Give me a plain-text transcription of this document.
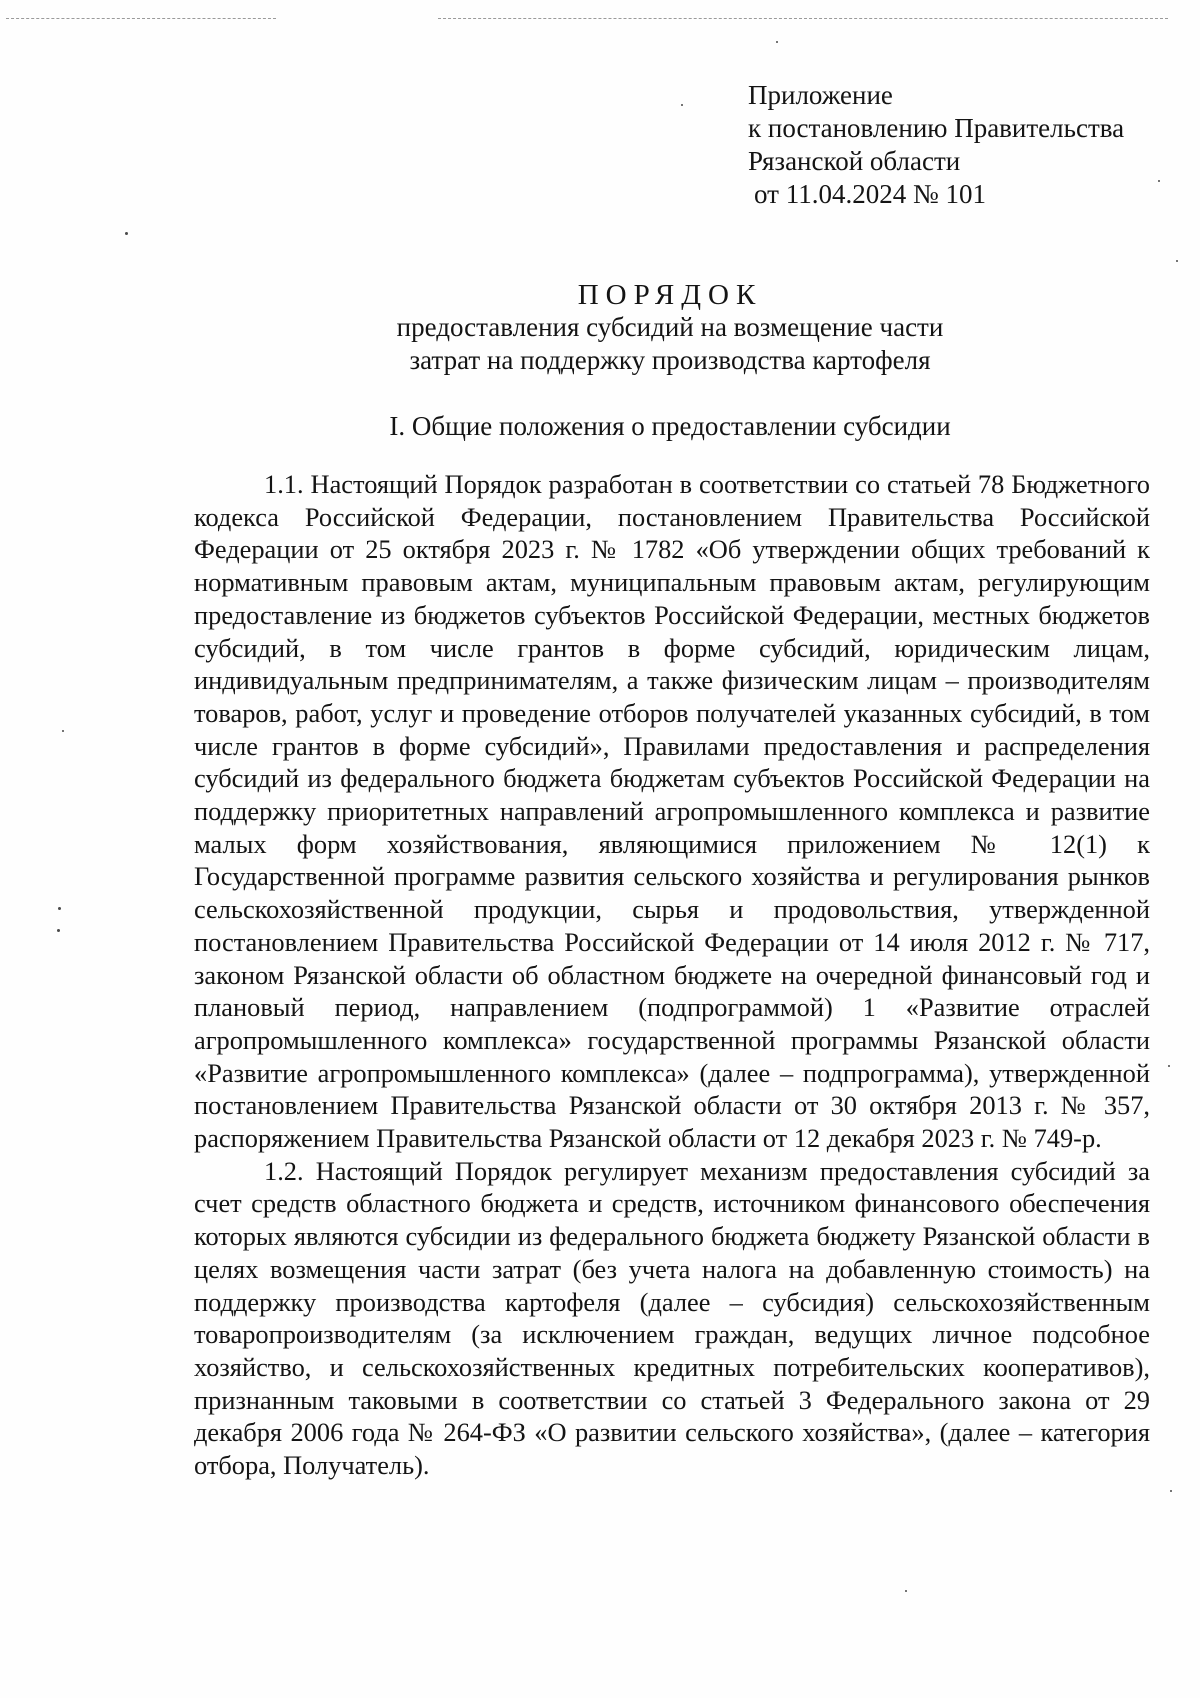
Приложение
к постановлению Правительства
Рязанской области
от 11.04.2024 № 101
ПОРЯДОК
предоставления субсидий на возмещение части
затрат на поддержку производства картофеля
I. Общие положения о предоставлении субсидии

1.1. Настоящий Порядок разработан в соответствии со статьей 78 Бюджетного кодекса Российской Федерации, постановлением Правительства Российской Федерации от 25 октября 2023 г. № 1782 «Об утверждении общих требований к нормативным правовым актам, муниципальным правовым актам, регулирующим предоставление из бюджетов субъектов Российской Федерации, местных бюджетов субсидий, в том числе грантов в форме субсидий, юридическим лицам, индивидуальным предпринимателям, а также физическим лицам – производителям товаров, работ, услуг и проведение отборов получателей указанных субсидий, в том числе грантов в форме субсидий», Правилами предоставления и распределения субсидий из федерального бюджета бюджетам субъектов Российской Федерации на поддержку приоритетных направлений агропромышленного комплекса и развитие малых форм хозяйствования, являющимися приложением № 12(1) к Государственной программе развития сельского хозяйства и регулирования рынков сельскохозяйственной продукции, сырья и продовольствия, утвержденной постановлением Правительства Российской Федерации от 14 июля 2012 г. № 717, законом Рязанской области об областном бюджете на очередной финансовый год и плановый период, направлением (подпрограммой) 1 «Развитие отраслей агропромышленного комплекса» государственной программы Рязанской области «Развитие агропромышленного комплекса» (далее – подпрограмма), утвержденной постановлением Правительства Рязанской области от 30 октября 2013 г. № 357, распоряжением Правительства Рязанской области от 12 декабря 2023 г. № 749-р.

1.2. Настоящий Порядок регулирует механизм предоставления субсидий за счет средств областного бюджета и средств, источником финансового обеспечения которых являются субсидии из федерального бюджета бюджету Рязанской области в целях возмещения части затрат (без учета налога на добавленную стоимость) на поддержку производства картофеля (далее – субсидия) сельскохозяйственным товаропроизводителям (за исключением граждан, ведущих личное подсобное хозяйство, и сельскохозяйственных кредитных потребительских кооперативов), признанным таковыми в соответствии со статьей 3 Федерального закона от 29 декабря 2006 года № 264-ФЗ «О развитии сельского хозяйства», (далее – категория отбора, Получатель).
